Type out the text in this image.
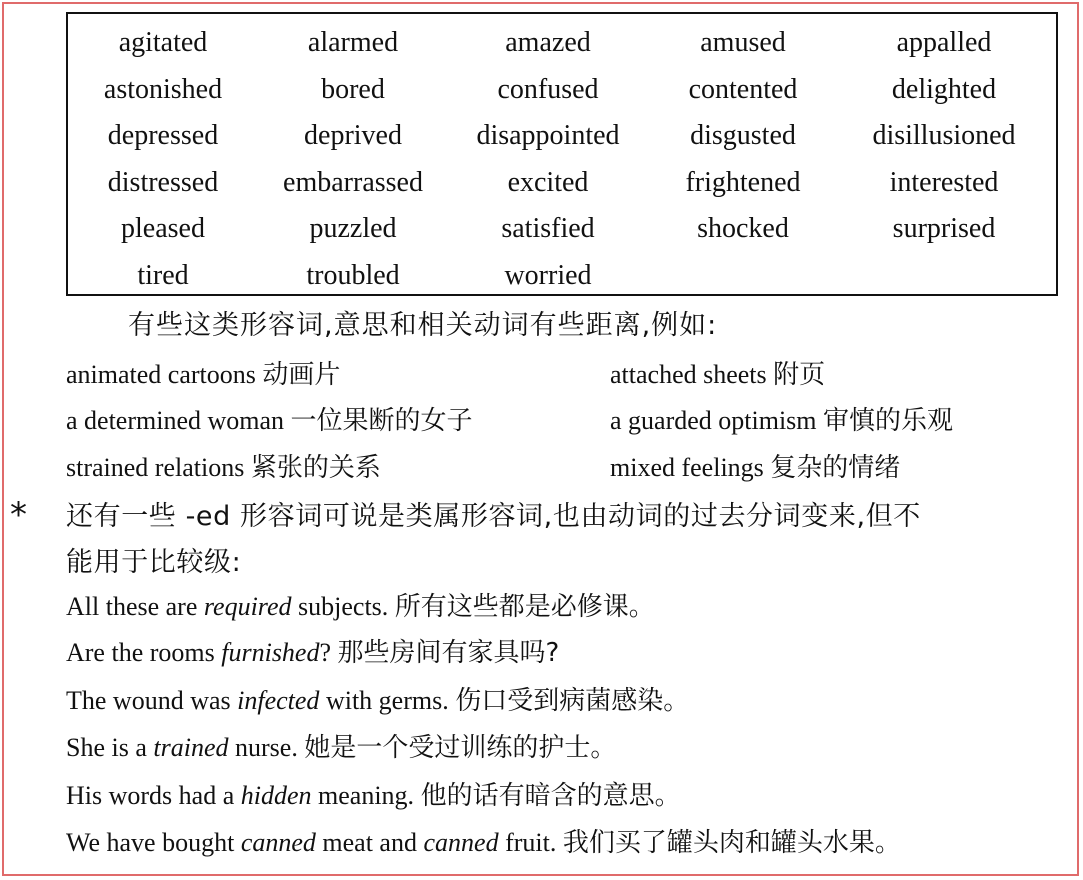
agitated	alarmed	amazed	amused	appalled
astonished	bored	confused	contented	delighted
depressed	deprived	disappointed	disgusted	disillusioned
distressed	embarrassed	excited	frightened	interested
pleased	puzzled	satisfied	shocked	surprised
tired	troubled	worried
有些这类形容词,意思和相关动词有些距离,例如:
animated cartoons 动画片	attached sheets 附页
a determined woman 一位果断的女子	a guarded optimism 审慎的乐观
strained relations 紧张的关系	mixed feelings 复杂的情绪
* 还有一些 -ed 形容词可说是类属形容词,也由动词的过去分词变来,但不
能用于比较级:
All these are required subjects. 所有这些都是必修课。
Are the rooms furnished? 那些房间有家具吗?
The wound was infected with germs. 伤口受到病菌感染。
She is a trained nurse. 她是一个受过训练的护士。
His words had a hidden meaning. 他的话有暗含的意思。
We have bought canned meat and canned fruit. 我们买了罐头肉和罐头水果。
